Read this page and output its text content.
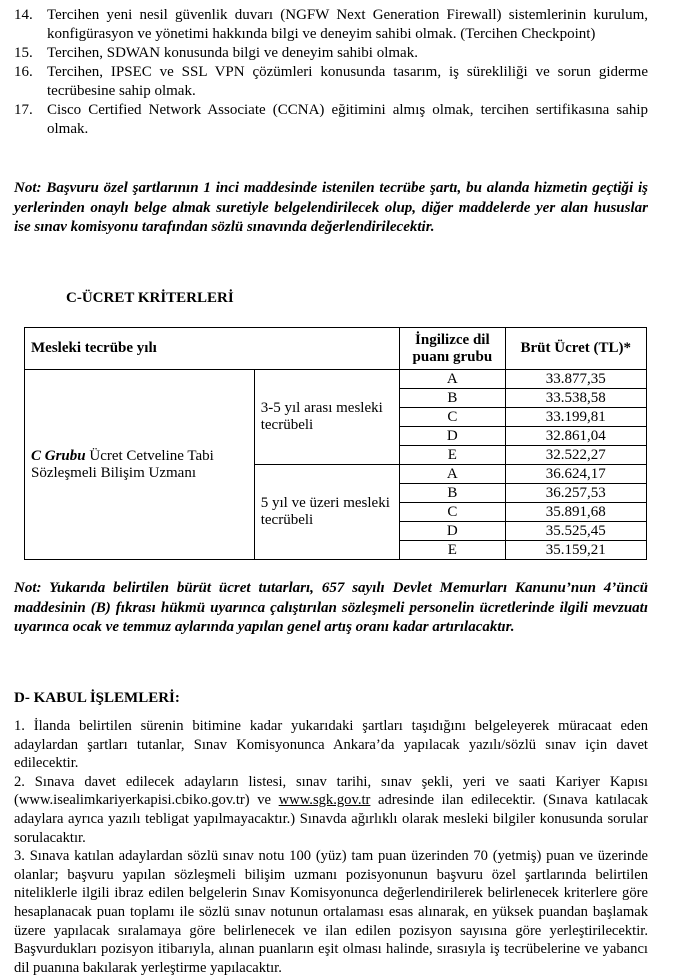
14. Tercihen yeni nesil güvenlik duvarı (NGFW Next Generation Firewall) sistemlerinin kurulum, konfigürasyon ve yönetimi hakkında bilgi ve deneyim sahibi olmak. (Tercihen Checkpoint)
15. Tercihen, SDWAN konusunda bilgi ve deneyim sahibi olmak.
16. Tercihen, IPSEC ve SSL VPN çözümleri konusunda tasarım, iş sürekliliği ve sorun giderme tecrübesine sahip olmak.
17. Cisco Certified Network Associate (CCNA) eğitimini almış olmak, tercihen sertifikasına sahip olmak.
Not: Başvuru özel şartlarının 1 inci maddesinde istenilen tecrübe şartı, bu alanda hizmetin geçtiği iş yerlerinden onaylı belge almak suretiyle belgelendirilecek olup, diğer maddelerde yer alan hususlar ise sınav komisyonu tarafından sözlü sınavında değerlendirilecektir.
C-ÜCRET KRİTERLERİ
Mesleki tecrübe yılı		İngilizce dil puanı grubu	Brüt Ücret (TL)*
C Grubu Ücret Cetveline Tabi Sözleşmeli Bilişim Uzmanı	3-5 yıl arası mesleki tecrübeli	A	33.877,35
		B	33.538,58
		C	33.199,81
		D	32.861,04
		E	32.522,27
	5 yıl ve üzeri mesleki tecrübeli	A	36.624,17
		B	36.257,53
		C	35.891,68
		D	35.525,45
		E	35.159,21
Not: Yukarıda belirtilen bürüt ücret tutarları, 657 sayılı Devlet Memurları Kanunu’nun 4’üncü maddesinin (B) fıkrası hükmü uyarınca çalıştırılan sözleşmeli personelin ücretlerinde ilgili mevzuatı uyarınca ocak ve temmuz aylarında yapılan genel artış oranı kadar artırılacaktır.
D- KABUL İŞLEMLERİ:
1. İlanda belirtilen sürenin bitimine kadar yukarıdaki şartları taşıdığını belgeleyerek müracaat eden adaylardan şartları tutanlar, Sınav Komisyonunca Ankara’da yapılacak yazılı/sözlü sınav için davet edilecektir.
2. Sınava davet edilecek adayların listesi, sınav tarihi, sınav şekli, yeri ve saati Kariyer Kapısı (www.isealimkariyerkapisi.cbiko.gov.tr) ve www.sgk.gov.tr adresinde ilan edilecektir. (Sınava katılacak adaylara ayrıca yazılı tebligat yapılmayacaktır.) Sınavda ağırlıklı olarak mesleki bilgiler konusunda sorular sorulacaktır.
3. Sınava katılan adaylardan sözlü sınav notu 100 (yüz) tam puan üzerinden 70 (yetmiş) puan ve üzerinde olanlar; başvuru yapılan sözleşmeli bilişim uzmanı pozisyonunun başvuru özel şartlarında belirtilen niteliklerle ilgili ibraz edilen belgelerin Sınav Komisyonunca değerlendirilerek belirlenecek kriterlere göre hesaplanacak puan toplamı ile sözlü sınav notunun ortalaması esas alınarak, en yüksek puandan başlamak üzere yapılacak sıralamaya göre belirlenecek ve ilan edilen pozisyon sayısına göre yerleştirilecektir. Başvurdukları pozisyon itibarıyla, alınan puanların eşit olması halinde, sırasıyla iş tecrübelerine ve yabancı dil puanına bakılarak yerleştirme yapılacaktır.
